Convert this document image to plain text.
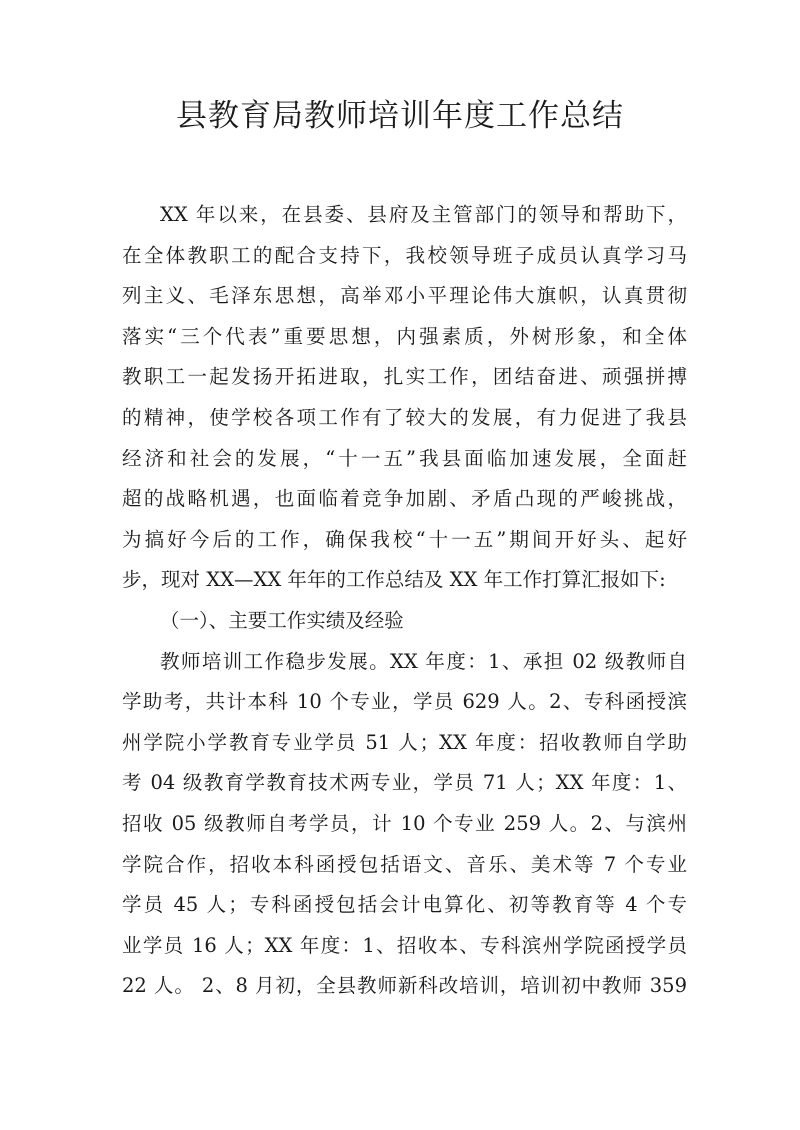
县教育局教师培训年度工作总结
XX 年以来，在县委、县府及主管部门的领导和帮助下，
在全体教职工的配合支持下，我校领导班子成员认真学习马
列主义、毛泽东思想，高举邓小平理论伟大旗帜，认真贯彻
落实“三个代表”重要思想，内强素质，外树形象，和全体
教职工一起发扬开拓进取，扎实工作，团结奋进、顽强拼搏
的精神，使学校各项工作有了较大的发展，有力促进了我县
经济和社会的发展，“十一五”我县面临加速发展，全面赶
超的战略机遇，也面临着竞争加剧、矛盾凸现的严峻挑战，
为搞好今后的工作，确保我校“十一五”期间开好头、起好
步，现对 XX—XX 年年的工作总结及 XX 年工作打算汇报如下:
（一）、主要工作实绩及经验
教师培训工作稳步发展。XX 年度：1、承担 02 级教师自
学助考，共计本科 10 个专业，学员 629 人。2、专科函授滨
州学院小学教育专业学员 51 人；XX 年度：招收教师自学助
考 04 级教育学教育技术两专业，学员 71 人；XX 年度：1、
招收 05 级教师自考学员，计 10 个专业 259 人。2、与滨州
学院合作，招收本科函授包括语文、音乐、美术等 7 个专业
学员 45 人；专科函授包括会计电算化、初等教育等 4 个专
业学员 16 人；XX 年度：1、招收本、专科滨州学院函授学员
22 人。 2、8 月初，全县教师新科改培训，培训初中教师 359
